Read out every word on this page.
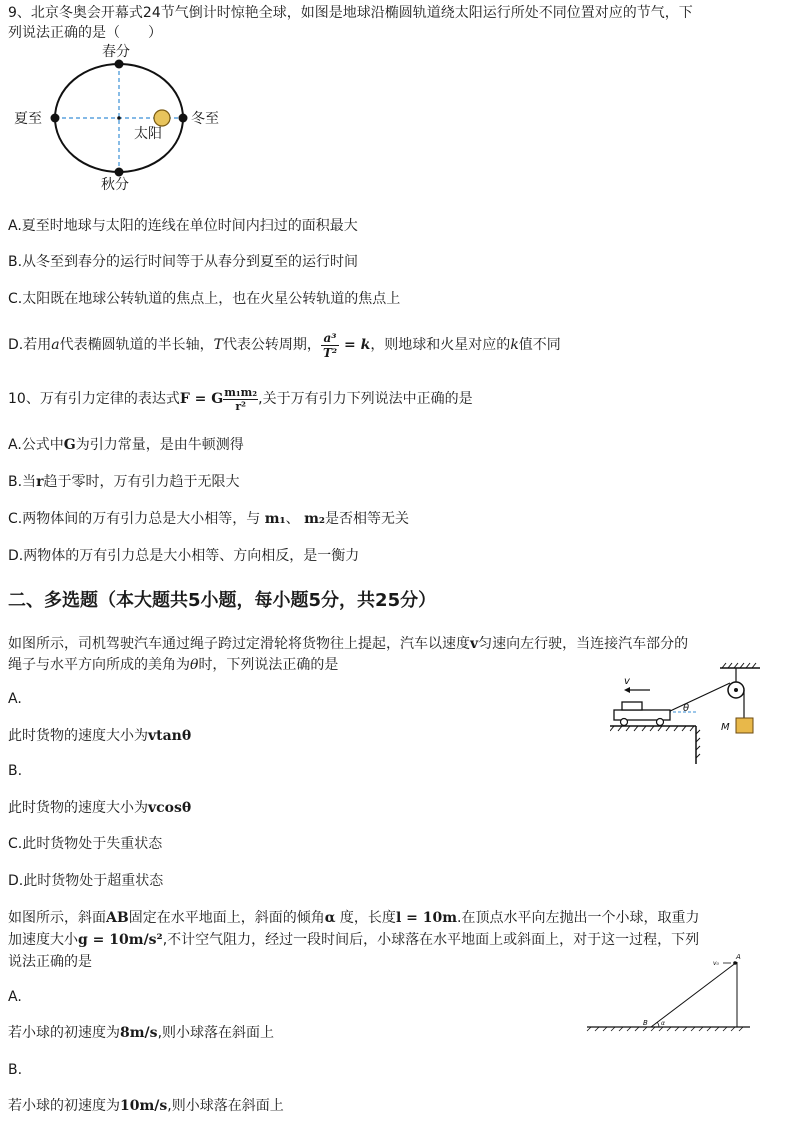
9、北京冬奥会开幕式24节气倒计时惊艳全球，如图是地球沿椭圆轨道绕太阳运行所处不同位置对应的节气，下
列说法正确的是（　　）
春分
夏至	冬至
秋分
太阳
A.夏至时地球与太阳的连线在单位时间内扫过的面积最大
B.从冬至到春分的运行时间等于从春分到夏至的运行时间
C.太阳既在地球公转轨道的焦点上，也在火星公转轨道的焦点上
D.若用a代表椭圆轨道的半长轴，T代表公转周期， $\frac{\text{a³}}{\text{T²}} = k$，则地球和火星对应的k值不同
10、万有引力定律的表达式F = G $\frac{\text{m₁m₂}}{\text{r²}}$ ,关于万有引力下列说法中正确的是
A.公式中G为引力常量，是由牛顿测得
B.当r趋于零时，万有引力趋于无限大
C.两物体间的万有引力总是大小相等，与 m₁、 m₂是否相等无关
D.两物体的万有引力总是大小相等、方向相反，是一衡力
二、多选题（本大题共5小题，每小题5分，共25分）
如图所示，司机驾驶汽车通过绳子跨过定滑轮将货物往上提起，汽车以速度v匀速向左行驶，当连接汽车部分的
绳子与水平方向所成的美角为θ时，下列说法正确的是
M
θ
v
A.
此时货物的速度大小为vtanθ
B.
此时货物的速度大小为vcosθ
C.此时货物处于失重状态
D.此时货物处于超重状态
如图所示，斜面AB固定在水平地面上，斜面的倾角α 度，长度l = 10m.在顶点水平向左抛出一个小球，取重力
加速度大小g = 10m/s²,不计空气阻力，经过一段时间后，小球落在水平地面上或斜面上，对于这一过程，下列
说法正确的是	v₀
A
B α
A.
若小球的初速度为8m/s,则小球落在斜面上
B.
若小球的初速度为10m/s,则小球落在斜面上
